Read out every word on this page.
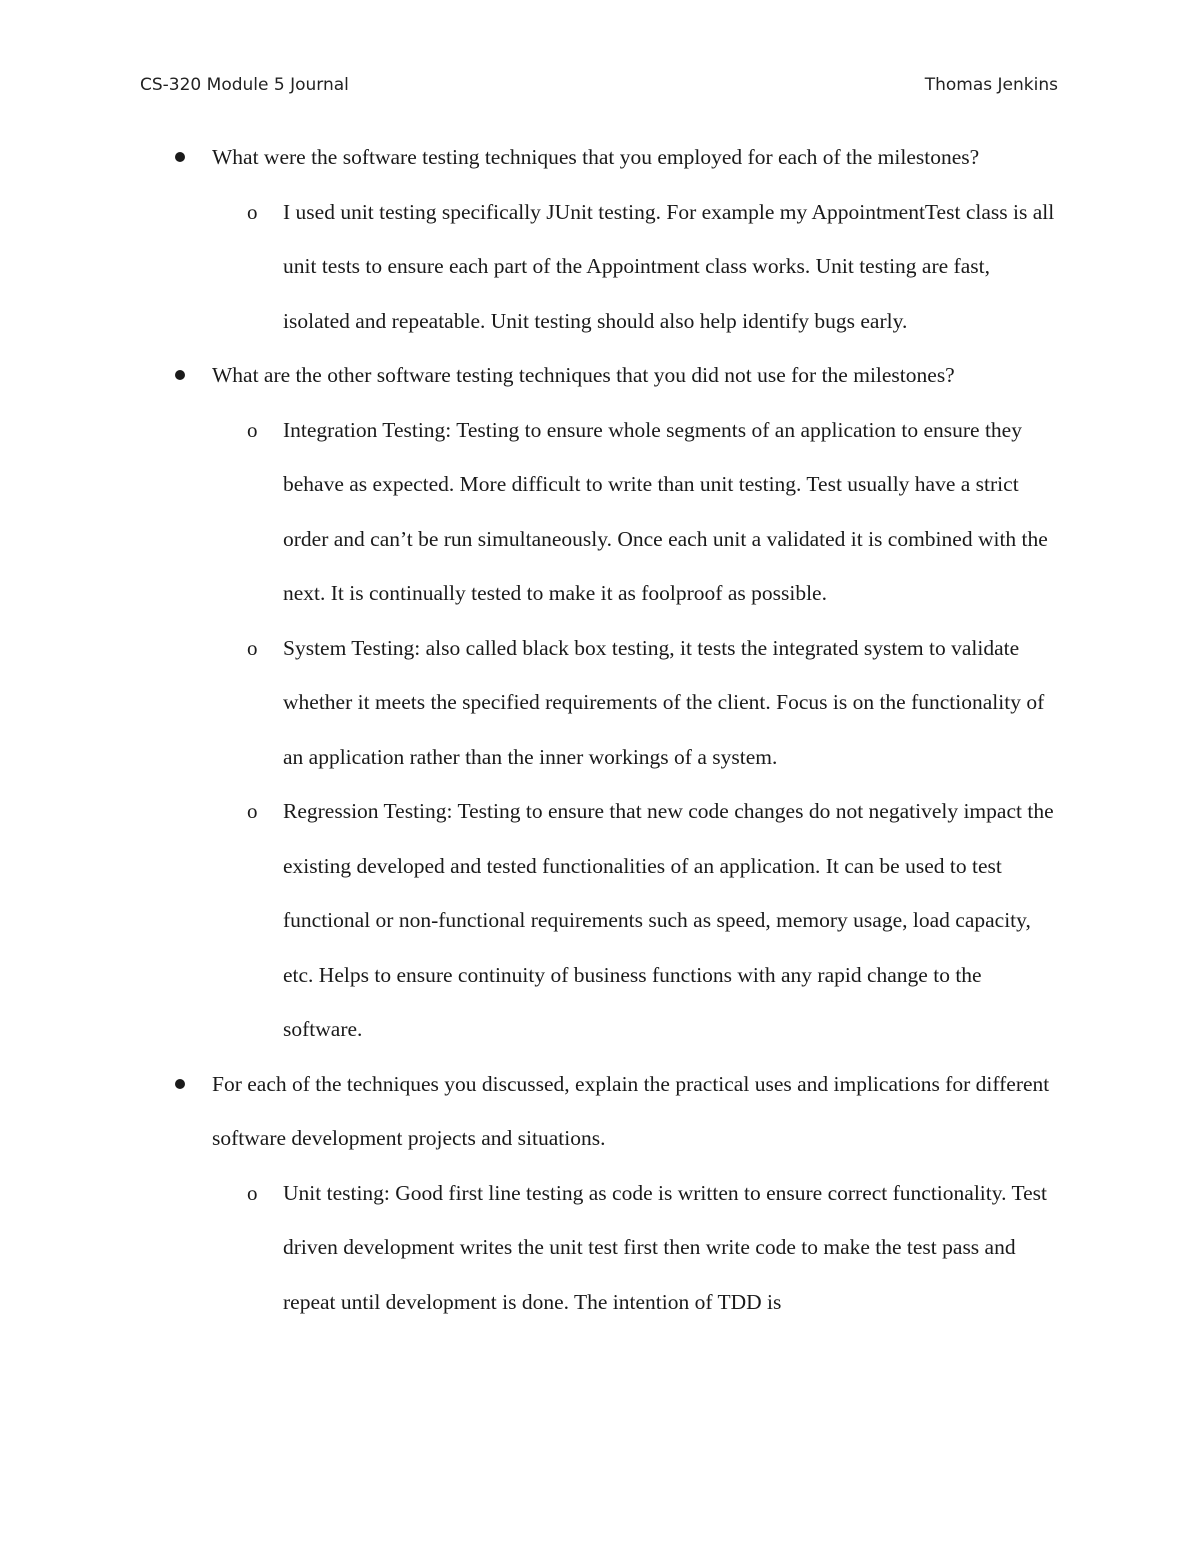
CS-320 Module 5 Journal	Thomas Jenkins
What were the software testing techniques that you employed for each of the milestones?
o I used unit testing specifically JUnit testing. For example my AppointmentTest class is all unit tests to ensure each part of the Appointment class works. Unit testing are fast, isolated and repeatable. Unit testing should also help identify bugs early.
What are the other software testing techniques that you did not use for the milestones?
o Integration Testing: Testing to ensure whole segments of an application to ensure they behave as expected. More difficult to write than unit testing. Test usually have a strict order and can’t be run simultaneously. Once each unit a validated it is combined with the next. It is continually tested to make it as foolproof as possible.
o System Testing: also called black box testing, it tests the integrated system to validate whether it meets the specified requirements of the client. Focus is on the functionality of an application rather than the inner workings of a system.
o Regression Testing: Testing to ensure that new code changes do not negatively impact the existing developed and tested functionalities of an application. It can be used to test functional or non-functional requirements such as speed, memory usage, load capacity, etc. Helps to ensure continuity of business functions with any rapid change to the software.
For each of the techniques you discussed, explain the practical uses and implications for different software development projects and situations.
o Unit testing: Good first line testing as code is written to ensure correct functionality. Test driven development writes the unit test first then write code to make the test pass and repeat until development is done. The intention of TDD is
